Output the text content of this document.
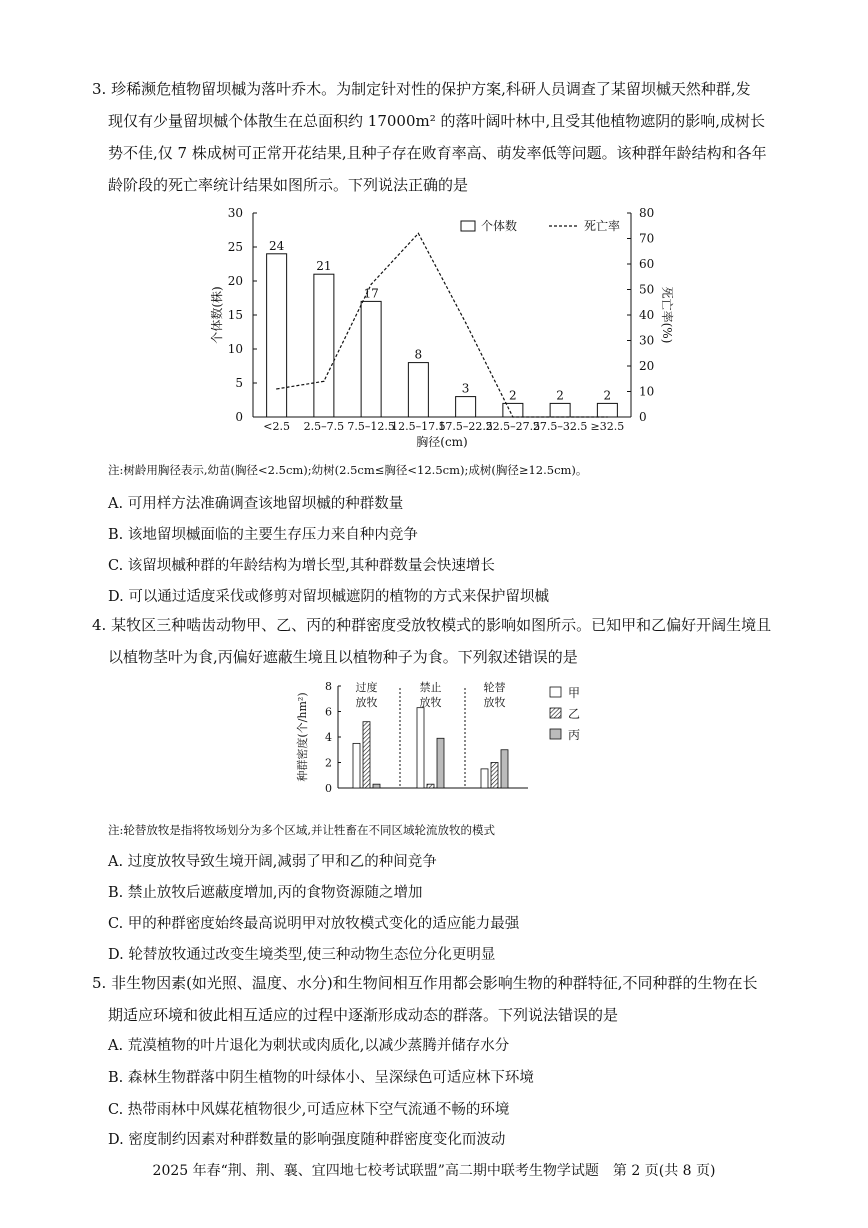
3. 珍稀濒危植物留坝槭为落叶乔木。为制定针对性的保护方案,科研人员调查了某留坝槭天然种群,发
现仅有少量留坝槭个体散生在总面积约 17000m² 的落叶阔叶林中,且受其他植物遮阴的影响,成树长
势不佳,仅 7 株成树可正常开花结果,且种子存在败育率高、萌发率低等问题。该种群年龄结构和各年
龄阶段的死亡率统计结果如图所示。下列说法正确的是
0
5
10
15
20
25
30
0
10
20
30
40
50
60
70
80
24
<2.5
21
2.5–7.5
17
7.5–12.5
8
12.5–17.5
3
17.5–22.5
2
22.5–27.5
2
27.5–32.5
2
≥32.5
胸径(cm)
个体数(株)	死亡率(%)
个体数	死亡率
注:树龄用胸径表示,幼苗(胸径<2.5cm);幼树(2.5cm≤胸径<12.5cm);成树(胸径≥12.5cm)。
A. 可用样方法准确调查该地留坝槭的种群数量
B. 该地留坝槭面临的主要生存压力来自种内竞争
C. 该留坝槭种群的年龄结构为增长型,其种群数量会快速增长
D. 可以通过适度采伐或修剪对留坝槭遮阴的植物的方式来保护留坝槭
4. 某牧区三种啮齿动物甲、乙、丙的种群密度受放牧模式的影响如图所示。已知甲和乙偏好开阔生境且
以植物茎叶为食,丙偏好遮蔽生境且以植物种子为食。下列叙述错误的是
0
2
4
6
8
种群密度(个/hm²)
过度
放牧
禁止
放牧
轮替
放牧
甲
乙
丙
注:轮替放牧是指将牧场划分为多个区域,并让牲畜在不同区域轮流放牧的模式
A. 过度放牧导致生境开阔,减弱了甲和乙的种间竞争
B. 禁止放牧后遮蔽度增加,丙的食物资源随之增加
C. 甲的种群密度始终最高说明甲对放牧模式变化的适应能力最强
D. 轮替放牧通过改变生境类型,使三种动物生态位分化更明显
5. 非生物因素(如光照、温度、水分)和生物间相互作用都会影响生物的种群特征,不同种群的生物在长
期适应环境和彼此相互适应的过程中逐渐形成动态的群落。下列说法错误的是
A. 荒漠植物的叶片退化为刺状或肉质化,以减少蒸腾并储存水分
B. 森林生物群落中阴生植物的叶绿体小、呈深绿色可适应林下环境
C. 热带雨林中风媒花植物很少,可适应林下空气流通不畅的环境
D. 密度制约因素对种群数量的影响强度随种群密度变化而波动
2025 年春“荆、荆、襄、宜四地七校考试联盟”高二期中联考生物学试题　第 2 页(共 8 页)
